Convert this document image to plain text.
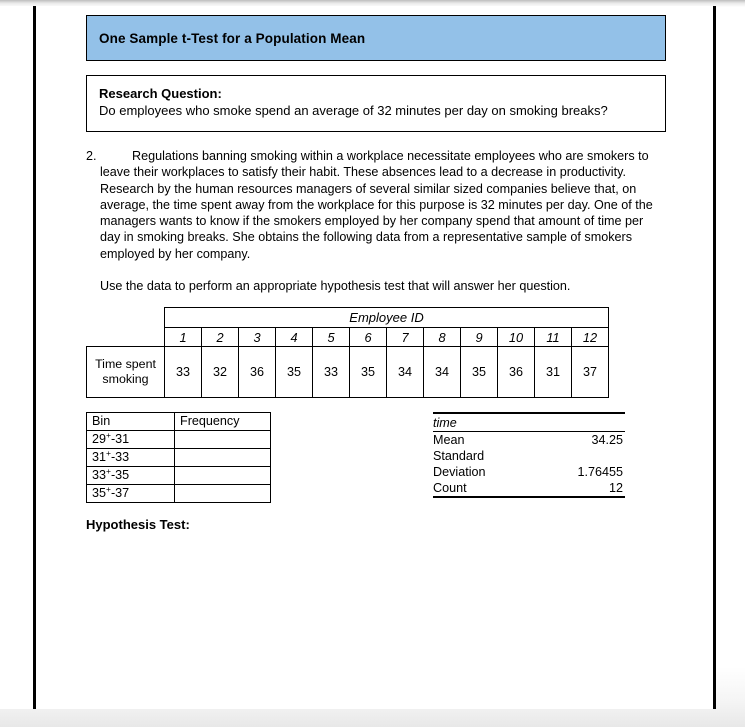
One Sample t-Test for a Population Mean
Research Question:
Do employees who smoke spend an average of 32 minutes per day on smoking breaks?
2.	Regulations banning smoking within a workplace necessitate employees who are smokers to leave their workplaces to satisfy their habit. These absences lead to a decrease in productivity. Research by the human resources managers of several similar sized companies believe that, on average, the time spent away from the workplace for this purpose is 32 minutes per day. One of the managers wants to know if the smokers employed by her company spend that amount of time per day in smoking breaks. She obtains the following data from a representative sample of smokers employed by her company.
Use the data to perform an appropriate hypothesis test that will answer her question.
	Employee ID											
	1	2	3	4	5	6	7	8	9	10	11	12
Time spent smoking	33	32	36	35	33	35	34	34	35	36	31	37
Bin	Frequency
29+-31	
31+-33	
33+-35	
35+-37	
time	
Mean	34.25
Standard	
Deviation	1.76455
Count	12
Hypothesis Test:
